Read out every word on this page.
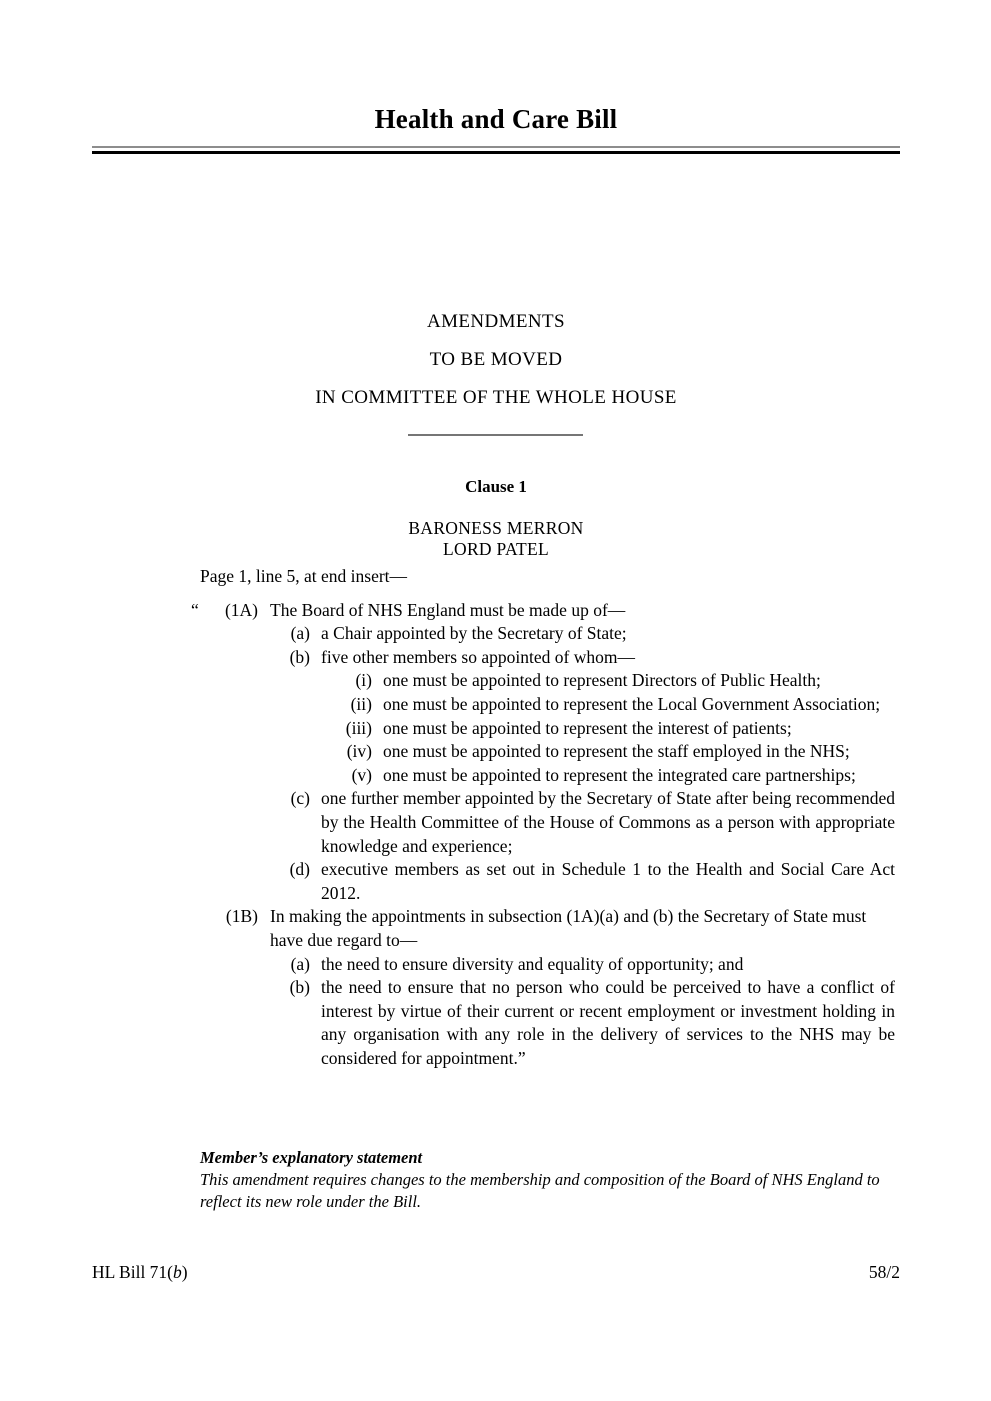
Health and Care Bill
AMENDMENTS
TO BE MOVED
IN COMMITTEE OF THE WHOLE HOUSE
Clause 1
BARONESS MERRON
LORD PATEL

Page 1, line 5, at end insert—

“ (1A) The Board of NHS England must be made up of—
(a) a Chair appointed by the Secretary of State;
(b) five other members so appointed of whom—
(i) one must be appointed to represent Directors of Public Health;
(ii) one must be appointed to represent the Local Government Association;
(iii) one must be appointed to represent the interest of patients;
(iv) one must be appointed to represent the staff employed in the NHS;
(v) one must be appointed to represent the integrated care partnerships;
(c) one further member appointed by the Secretary of State after being recommended by the Health Committee of the House of Commons as a person with appropriate knowledge and experience;
(d) executive members as set out in Schedule 1 to the Health and Social Care Act 2012.
(1B) In making the appointments in subsection (1A)(a) and (b) the Secretary of State must have due regard to—
(a) the need to ensure diversity and equality of opportunity; and
(b) the need to ensure that no person who could be perceived to have a conflict of interest by virtue of their current or recent employment or investment holding in any organisation with any role in the delivery of services to the NHS may be considered for appointment.”
Member’s explanatory statement
This amendment requires changes to the membership and composition of the Board of NHS England to reflect its new role under the Bill.
HL Bill 71(b)	58/2
